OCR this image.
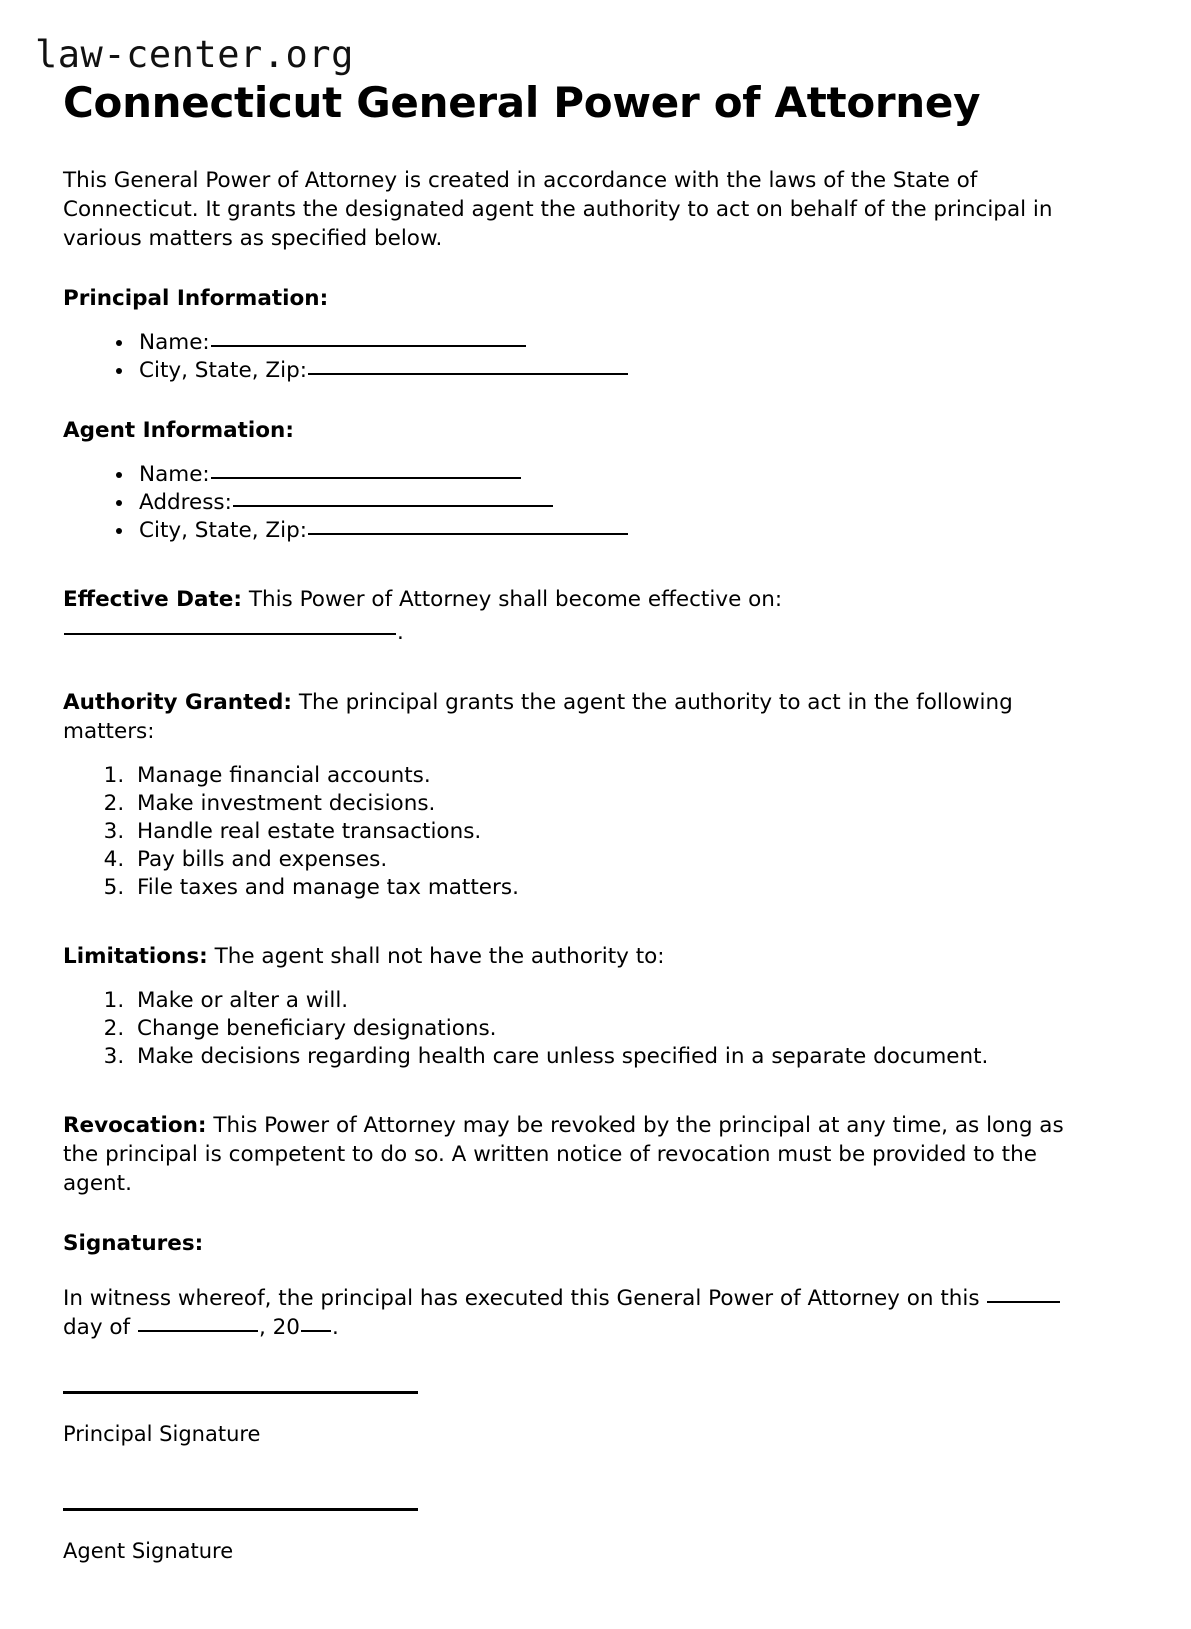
law-center.org
Connecticut General Power of Attorney

This General Power of Attorney is created in accordance with the laws of the State of Connecticut. It grants the designated agent the authority to act on behalf of the principal in various matters as specified below.

Principal Information:
• Name:
• City, State, Zip:
Agent Information:
• Name:
• Address:
• City, State, Zip:

Effective Date: This Power of Attorney shall become effective on:

.

Authority Granted: The principal grants the agent the authority to act in the following matters:

1. Manage financial accounts.
2. Make investment decisions.
3. Handle real estate transactions.
4. Pay bills and expenses.
5. File taxes and manage tax matters.

Limitations: The agent shall not have the authority to:

1. Make or alter a will.
2. Change beneficiary designations.
3. Make decisions regarding health care unless specified in a separate document.

Revocation: This Power of Attorney may be revoked by the principal at any time, as long as the principal is competent to do so. A written notice of revocation must be provided to the agent.

Signatures:

In witness whereof, the principal has executed this General Power of Attorney on this  day of	, 20 .

Principal Signature

Agent Signature
